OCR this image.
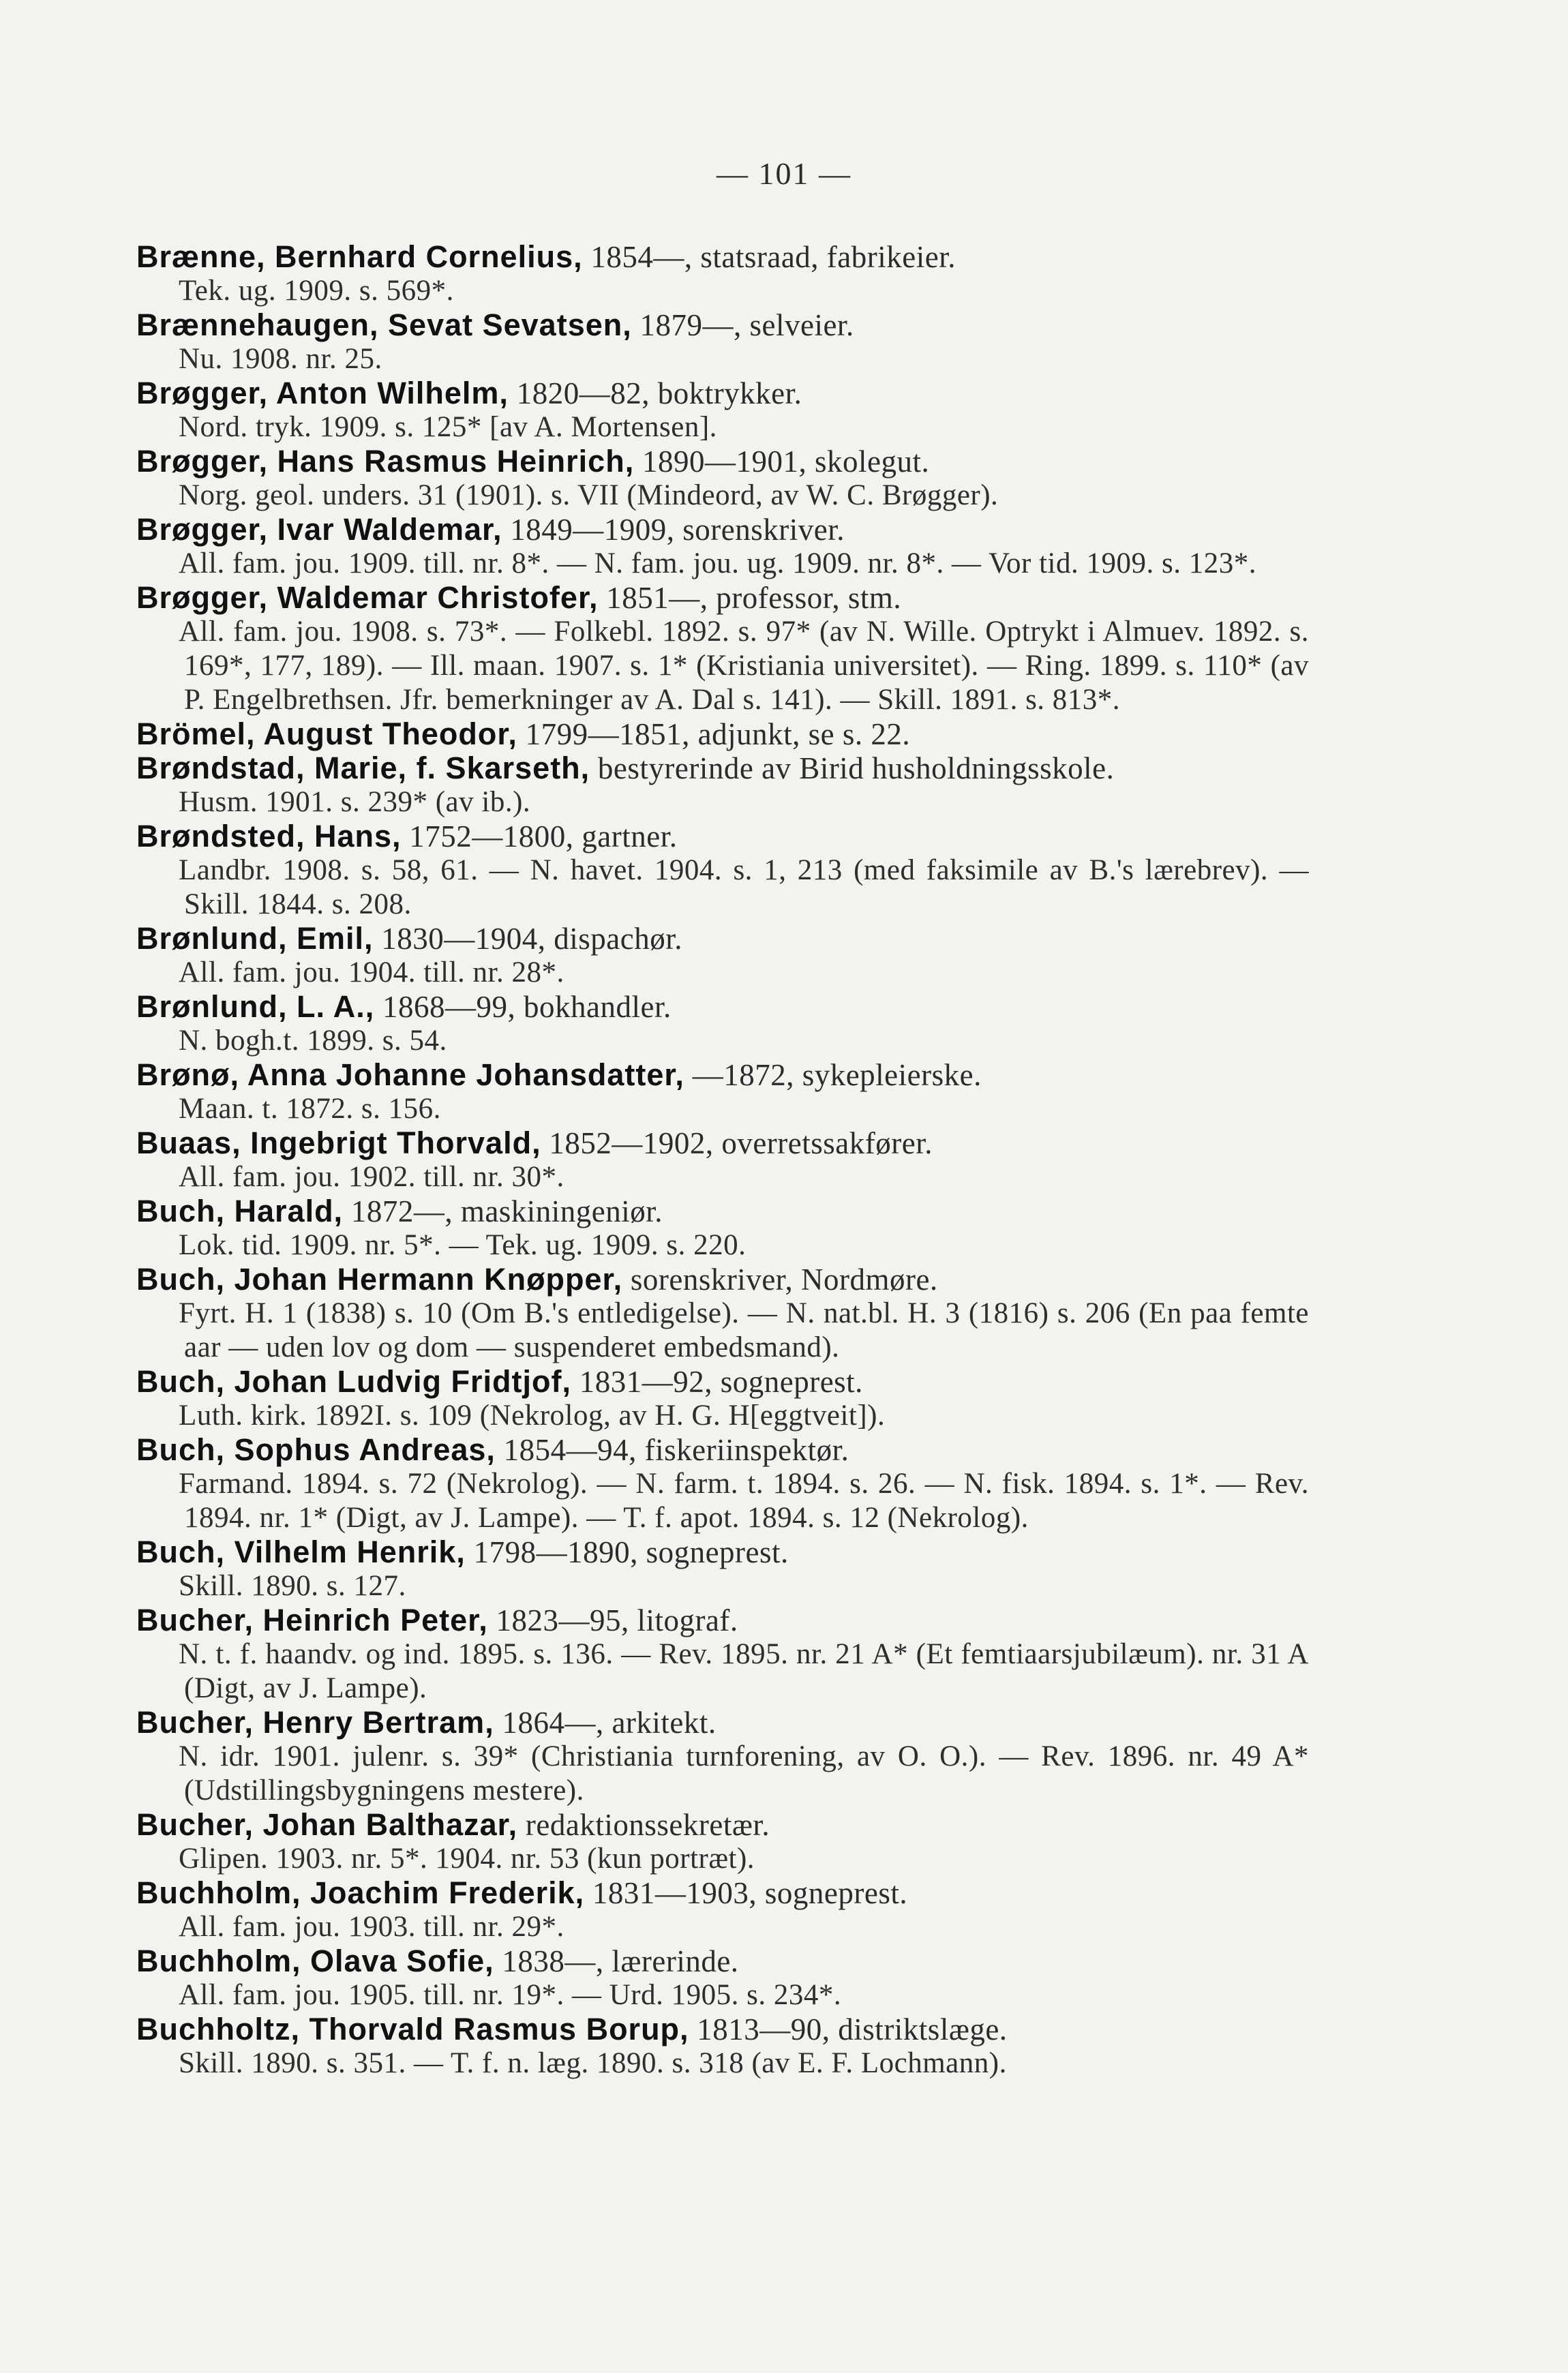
— 101 —
Brænne, Bernhard Cornelius, 1854—, statsraad, fabrikeier.
Tek. ug. 1909. s. 569*.
Brænnehaugen, Sevat Sevatsen, 1879—, selveier.
Nu. 1908. nr. 25.
Brøgger, Anton Wilhelm, 1820—82, boktrykker.
Nord. tryk. 1909. s. 125* [av A. Mortensen].
Brøgger, Hans Rasmus Heinrich, 1890—1901, skolegut.
Norg. geol. unders. 31 (1901). s. VII (Mindeord, av W. C. Brøgger).
Brøgger, Ivar Waldemar, 1849—1909, sorenskriver.
All. fam. jou. 1909. till. nr. 8*. — N. fam. jou. ug. 1909. nr. 8*. — Vor tid. 1909. s. 123*.
Brøgger, Waldemar Christofer, 1851—, professor, stm.
All. fam. jou. 1908. s. 73*. — Folkebl. 1892. s. 97* (av N. Wille. Optrykt i Almuev. 1892. s. 169*, 177, 189). — Ill. maan. 1907. s. 1* (Kristiania universitet). — Ring. 1899. s. 110* (av P. Engelbrethsen. Jfr. bemerkninger av A. Dal s. 141). — Skill. 1891. s. 813*.
Brömel, August Theodor, 1799—1851, adjunkt, se s. 22.
Brøndstad, Marie, f. Skarseth, bestyrerinde av Birid husholdningsskole.
Husm. 1901. s. 239* (av ib.).
Brøndsted, Hans, 1752—1800, gartner.
Landbr. 1908. s. 58, 61. — N. havet. 1904. s. 1, 213 (med faksimile av B.'s lærebrev). — Skill. 1844. s. 208.
Brønlund, Emil, 1830—1904, dispachør.
All. fam. jou. 1904. till. nr. 28*.
Brønlund, L. A., 1868—99, bokhandler.
N. bogh.t. 1899. s. 54.
Brønø, Anna Johanne Johansdatter, —1872, sykepleierske.
Maan. t. 1872. s. 156.
Buaas, Ingebrigt Thorvald, 1852—1902, overretssakfører.
All. fam. jou. 1902. till. nr. 30*.
Buch, Harald, 1872—, maskiningeniør.
Lok. tid. 1909. nr. 5*. — Tek. ug. 1909. s. 220.
Buch, Johan Hermann Knøpper, sorenskriver, Nordmøre.
Fyrt. H. 1 (1838) s. 10 (Om B.'s entledigelse). — N. nat.bl. H. 3 (1816) s. 206 (En paa femte aar — uden lov og dom — suspenderet embedsmand).
Buch, Johan Ludvig Fridtjof, 1831—92, sogneprest.
Luth. kirk. 1892I. s. 109 (Nekrolog, av H. G. H[eggtveit]).
Buch, Sophus Andreas, 1854—94, fiskeriinspektør.
Farmand. 1894. s. 72 (Nekrolog). — N. farm. t. 1894. s. 26. — N. fisk. 1894. s. 1*. — Rev. 1894. nr. 1* (Digt, av J. Lampe). — T. f. apot. 1894. s. 12 (Nekrolog).
Buch, Vilhelm Henrik, 1798—1890, sogneprest.
Skill. 1890. s. 127.
Bucher, Heinrich Peter, 1823—95, litograf.
N. t. f. haandv. og ind. 1895. s. 136. — Rev. 1895. nr. 21 A* (Et femtiaarsjubilæum). nr. 31 A (Digt, av J. Lampe).
Bucher, Henry Bertram, 1864—, arkitekt.
N. idr. 1901. julenr. s. 39* (Christiania turnforening, av O. O.). — Rev. 1896. nr. 49 A* (Udstillingsbygningens mestere).
Bucher, Johan Balthazar, redaktionssekretær.
Glipen. 1903. nr. 5*. 1904. nr. 53 (kun portræt).
Buchholm, Joachim Frederik, 1831—1903, sogneprest.
All. fam. jou. 1903. till. nr. 29*.
Buchholm, Olava Sofie, 1838—, lærerinde.
All. fam. jou. 1905. till. nr. 19*. — Urd. 1905. s. 234*.
Buchholtz, Thorvald Rasmus Borup, 1813—90, distriktslæge.
Skill. 1890. s. 351. — T. f. n. læg. 1890. s. 318 (av E. F. Lochmann).
